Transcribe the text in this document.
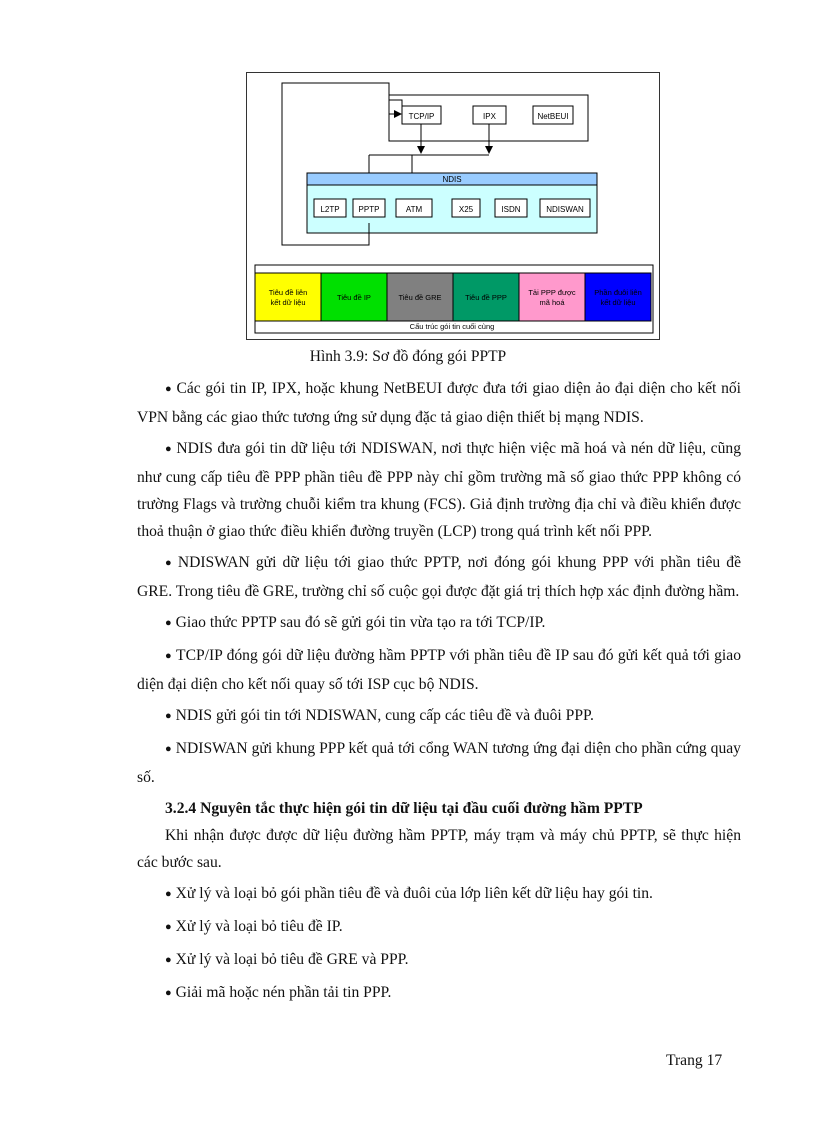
TCP/IP	IPX	NetBEUI
NDIS
L2TP PPTP	ATM	X25	ISDN	NDISWAN
Tiêu đề liên
kết dữ liệu
Tiêu đề IP	Tiêu đề GRE	Tiêu đề PPP
Tải PPP được
mã hoá
Phần đuôi liên
kết dữ liệu
Cấu trúc gói tin cuối cùng
Hình 3.9: Sơ đồ đóng gói PPTP

● Các gói tin IP, IPX, hoặc khung NetBEUI được đưa tới giao diện ảo đại diện cho kết nối VPN bằng các giao thức tương ứng sử dụng đặc tả giao diện thiết bị mạng NDIS.

● NDIS đưa gói tin dữ liệu tới NDISWAN, nơi thực hiện việc mã hoá và nén dữ liệu, cũng như cung cấp tiêu đề PPP phần tiêu đề PPP này chỉ gồm trường mã số giao thức PPP không có trường Flags và trường chuỗi kiểm tra khung (FCS). Giả định trường địa chỉ và điều khiển được thoả thuận ở giao thức điều khiển đường truyền (LCP) trong quá trình kết nối PPP.

● NDISWAN gửi dữ liệu tới giao thức PPTP, nơi đóng gói khung PPP với phần tiêu đề GRE. Trong tiêu đề GRE, trường chỉ số cuộc gọi được đặt giá trị thích hợp xác định đường hầm.

● Giao thức PPTP sau đó sẽ gửi gói tin vừa tạo ra tới TCP/IP.

● TCP/IP đóng gói dữ liệu đường hầm PPTP với phần tiêu đề IP sau đó gửi kết quả tới giao diện đại diện cho kết nối quay số tới ISP cục bộ NDIS.

● NDIS gửi gói tin tới NDISWAN, cung cấp các tiêu đề và đuôi PPP.

● NDISWAN gửi khung PPP kết quả tới cổng WAN tương ứng đại diện cho phần cứng quay số.

3.2.4 Nguyên tắc thực hiện gói tin dữ liệu tại đầu cuối đường hầm PPTP

Khi nhận được được dữ liệu đường hầm PPTP, máy trạm và máy chủ PPTP, sẽ thực hiện các bước sau.

● Xử lý và loại bỏ gói phần tiêu đề và đuôi của lớp liên kết dữ liệu hay gói tin.

● Xử lý và loại bỏ tiêu đề IP.

● Xử lý và loại bỏ tiêu đề GRE và PPP.

● Giải mã hoặc nén phần tải tin PPP.

Trang 17
